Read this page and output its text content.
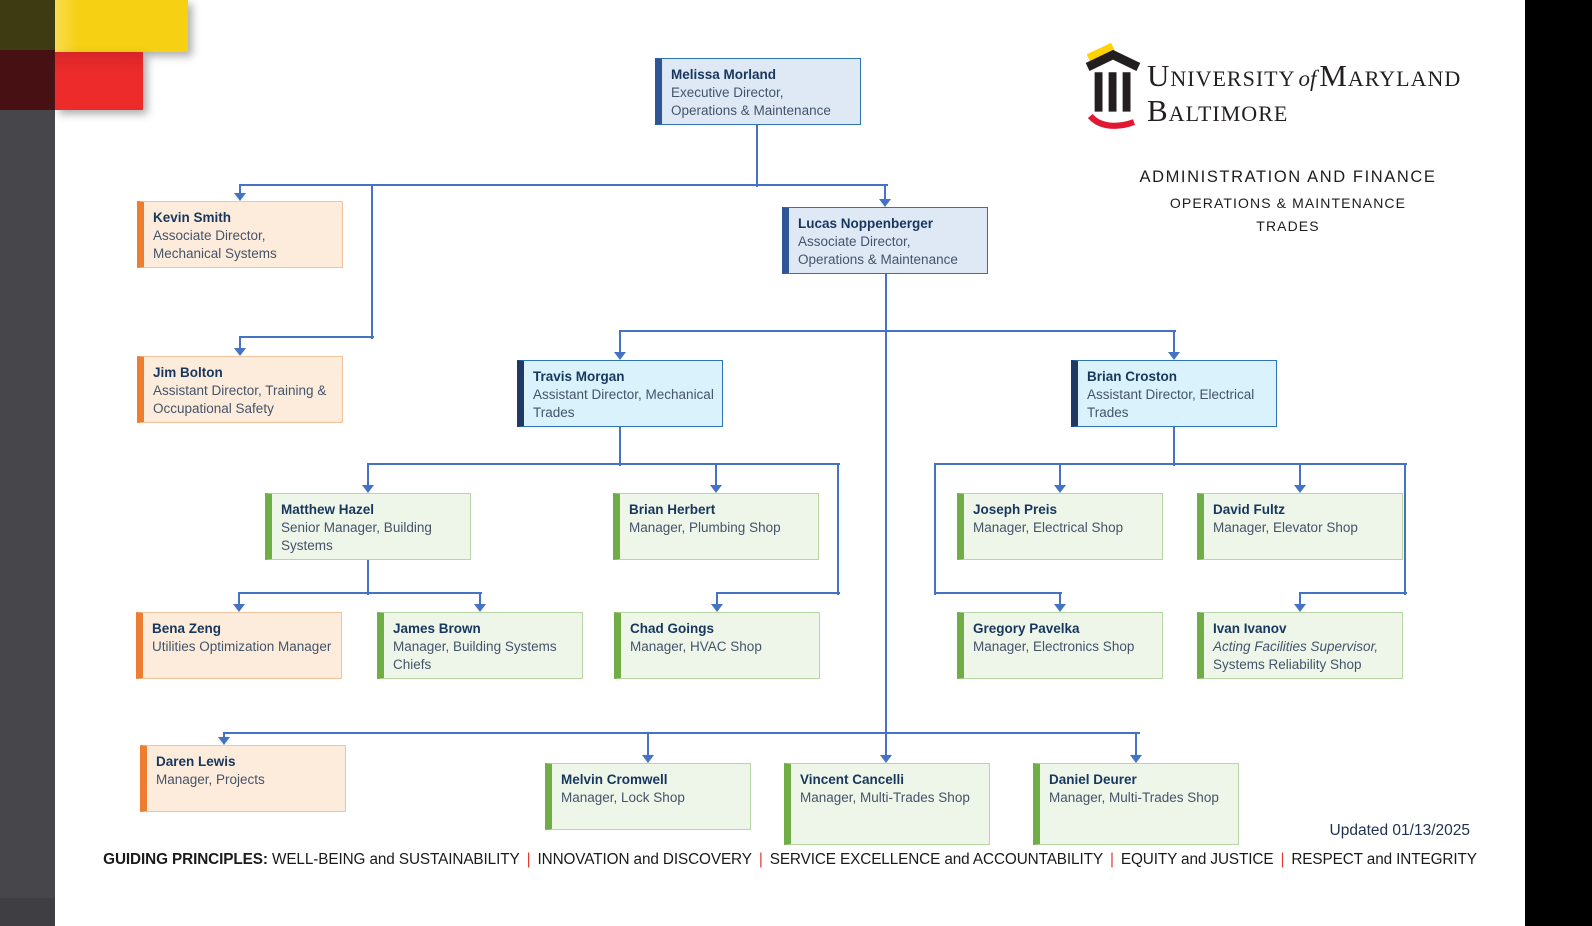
University ofMaryland
Baltimore
ADMINISTRATION AND FINANCE
OPERATIONS & MAINTENANCE
TRADES
Melissa Morland
Executive Director, Operations & Maintenance
Kevin Smith
Associate Director, Mechanical Systems
Lucas Noppenberger
Associate Director, Operations & Maintenance
Jim Bolton
Assistant Director, Training & Occupational Safety
Travis Morgan
Assistant Director, Mechanical Trades
Brian Croston
Assistant Director, Electrical Trades
Matthew Hazel
Senior Manager, Building Systems
Brian Herbert
Manager, Plumbing Shop
Joseph Preis
Manager, Electrical Shop
David Fultz
Manager, Elevator Shop
Bena Zeng
Utilities Optimization Manager
James Brown
Manager, Building Systems Chiefs
Chad Goings
Manager, HVAC Shop
Gregory Pavelka
Manager, Electronics Shop
Ivan Ivanov
Acting Facilities Supervisor, Systems Reliability Shop
Daren Lewis
Manager, Projects	Melvin Cromwell
Manager, Lock Shop
Vincent Cancelli
Manager, Multi-Trades Shop
Daniel Deurer
Manager, Multi-Trades Shop
Updated 01/13/2025
GUIDING PRINCIPLES: WELL-BEING and SUSTAINABILITY | INNOVATION and DISCOVERY | SERVICE EXCELLENCE and ACCOUNTABILITY | EQUITY and JUSTICE | RESPECT and INTEGRITY
